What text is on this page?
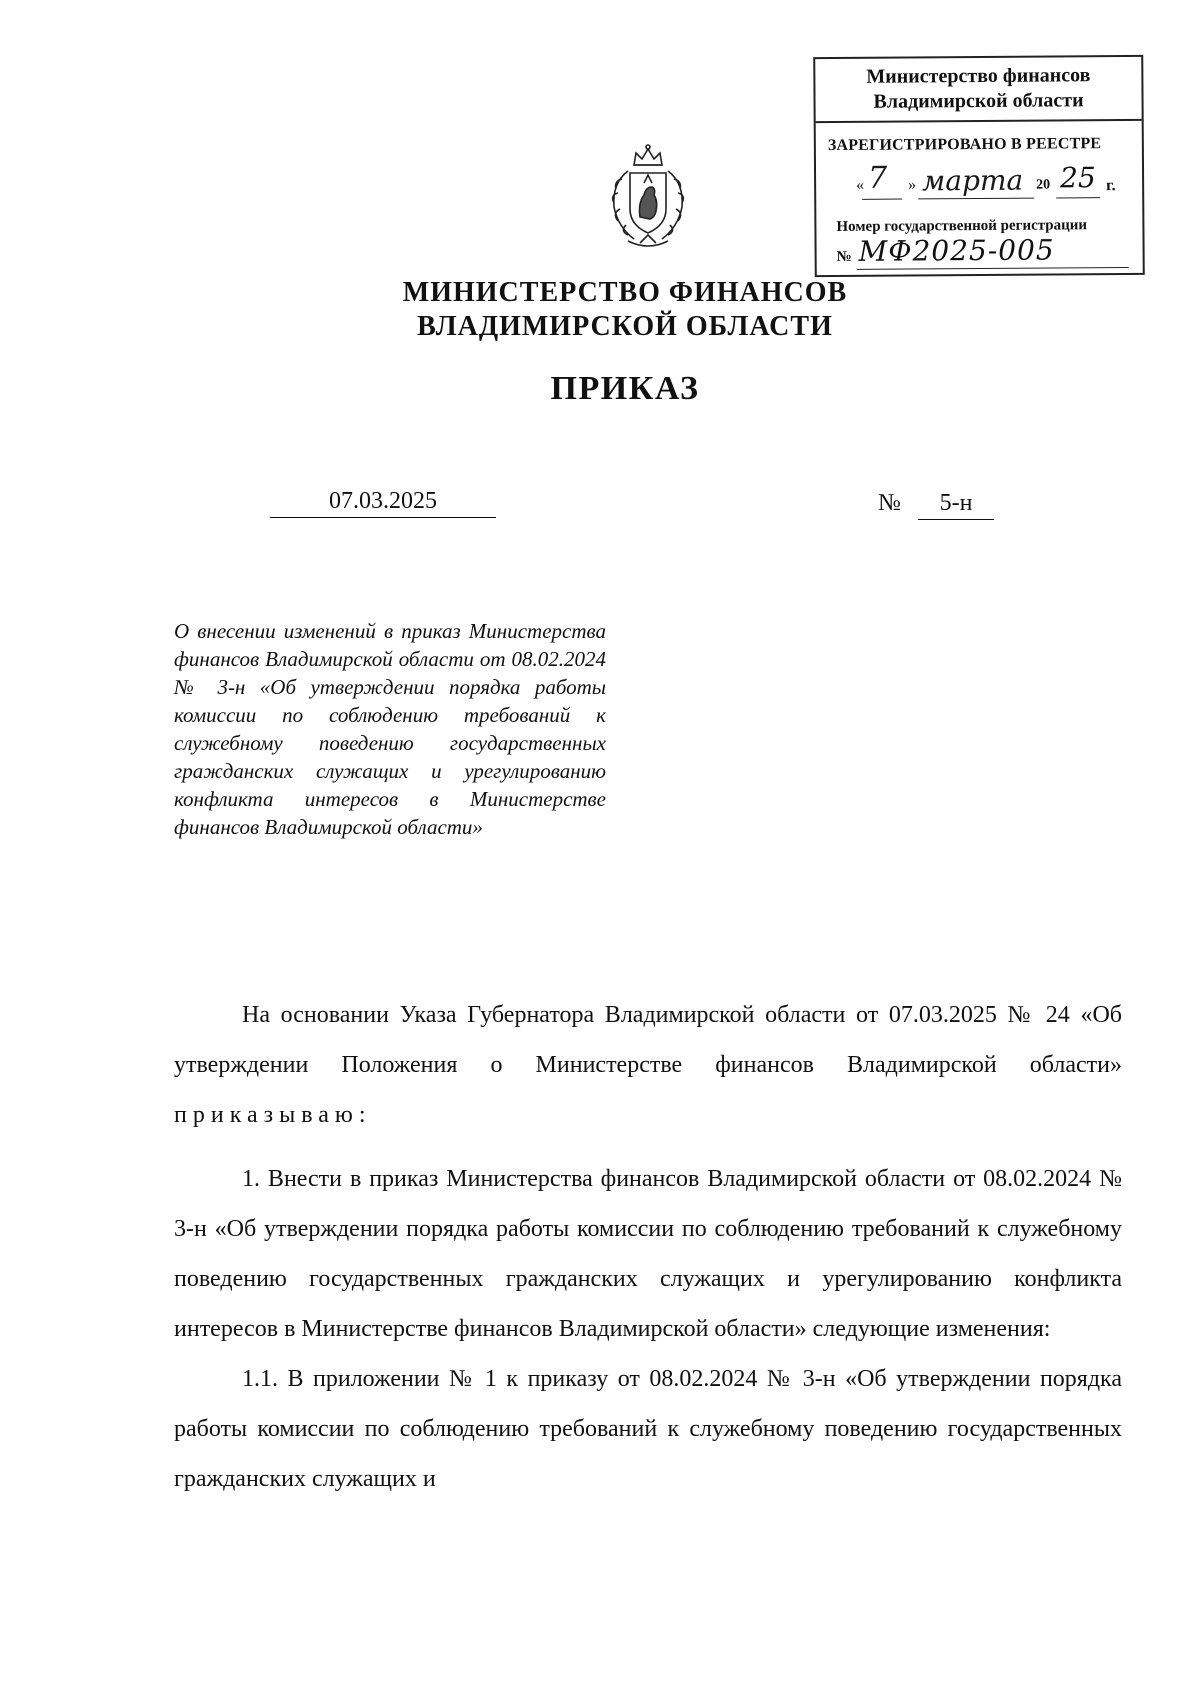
Министерство финансов
Владимирской области
ЗАРЕГИСТРИРОВАНО В РЕЕСТРЕ
« 7 » марта 20 25 г.
Номер государственной регистрации
№ МФ2025-005
МИНИСТЕРСТВО ФИНАНСОВ
ВЛАДИМИРСКОЙ ОБЛАСТИ
ПРИКАЗ
07.03.2025	№	5-н
О внесении изменений в приказ Министерства финансов Владимирской области от 08.02.2024 № 3-н «Об утверждении порядка работы комиссии по соблюдению требований к служебному поведению государственных гражданских служащих и урегулированию конфликта интересов в Министерстве финансов Владимирской области»

На основании Указа Губернатора Владимирской области от 07.03.2025 № 24 «Об утверждении Положения о Министерстве финансов Владимирской области» приказываю:

1. Внести в приказ Министерства финансов Владимирской области от 08.02.2024 № 3-н «Об утверждении порядка работы комиссии по соблюдению требований к служебному поведению государственных гражданских служащих и урегулированию конфликта интересов в Министерстве финансов Владимирской области» следующие изменения:

1.1. В приложении № 1 к приказу от 08.02.2024 № 3-н «Об утверждении порядка работы комиссии по соблюдению требований к служебному поведению государственных гражданских служащих и
